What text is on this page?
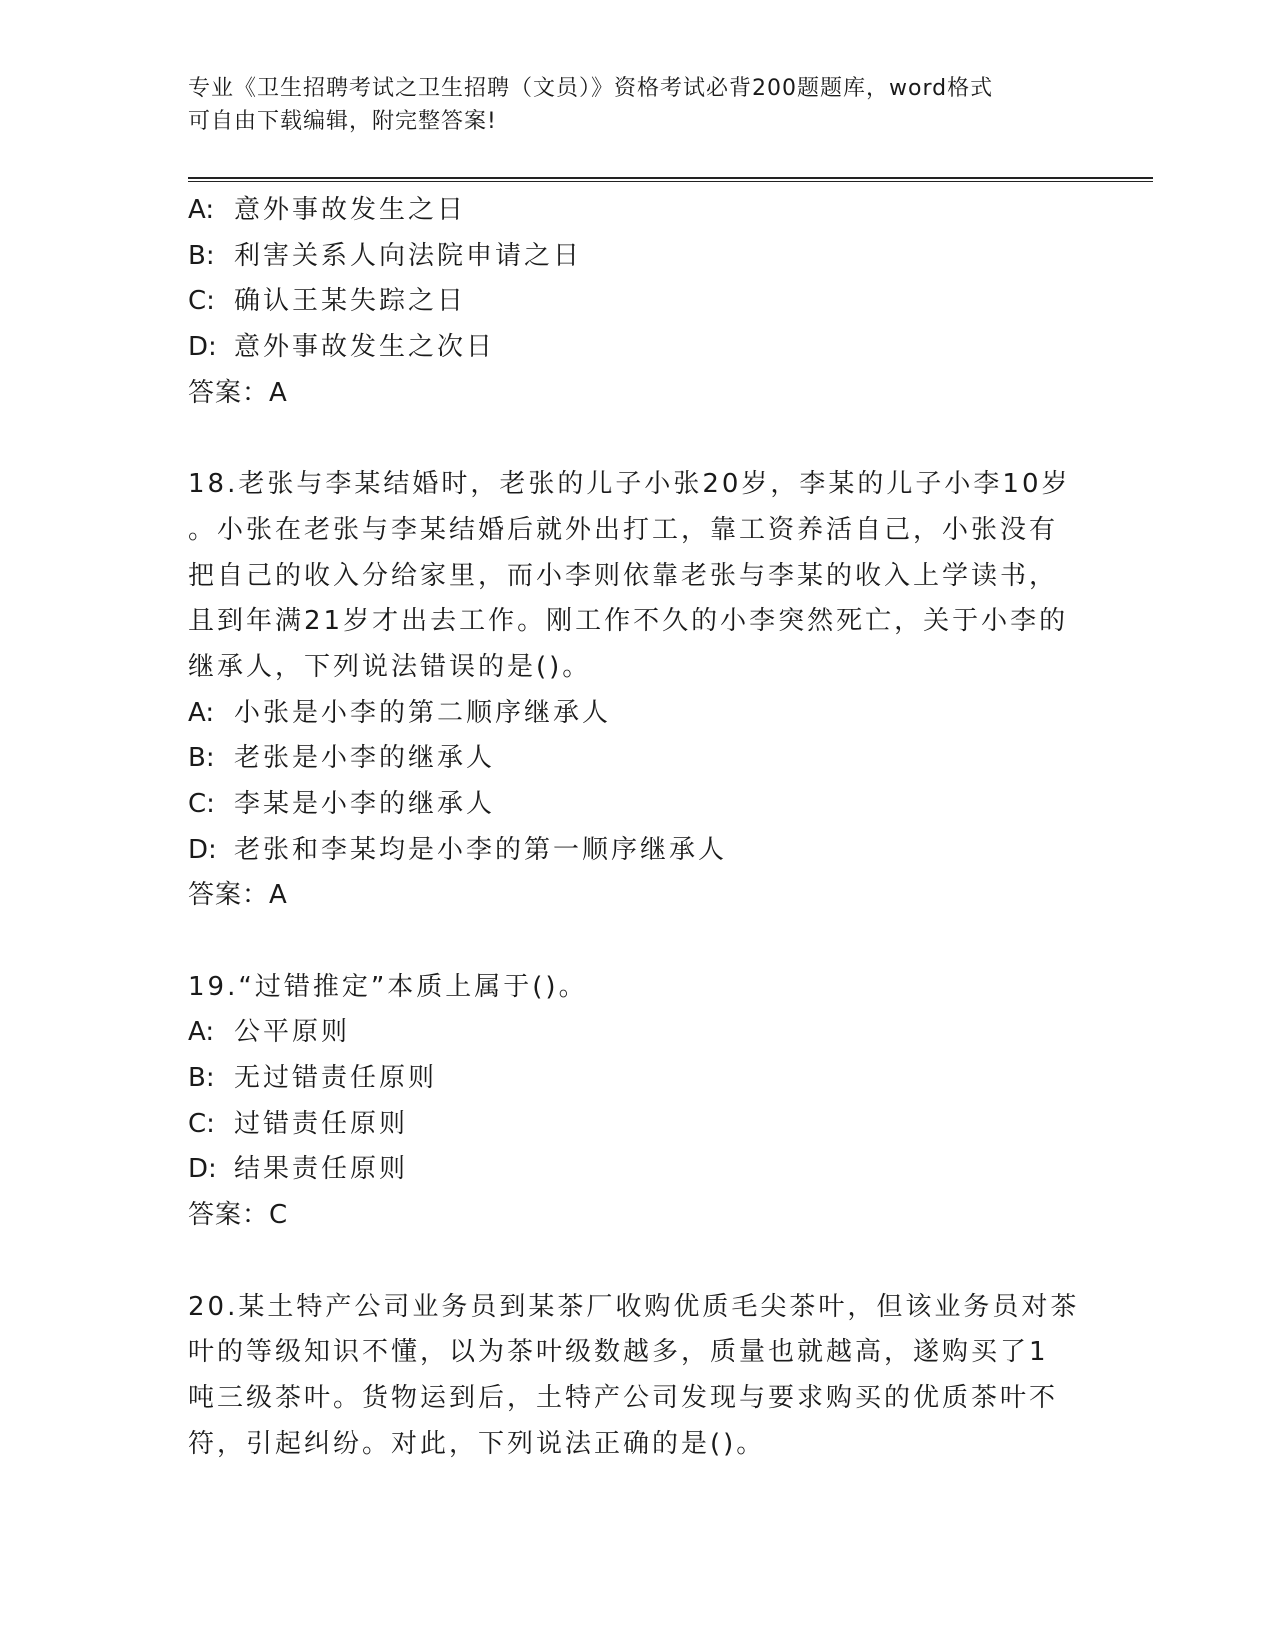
专业《卫生招聘考试之卫生招聘（文员）》资格考试必背200题题库，word格式
可自由下载编辑，附完整答案!
A: 意外事故发生之日
B: 利害关系人向法院申请之日
C: 确认王某失踪之日
D: 意外事故发生之次日
答案：A
18.老张与李某结婚时，老张的儿子小张20岁，李某的儿子小李10岁
。小张在老张与李某结婚后就外出打工，靠工资养活自己，小张没有
把自己的收入分给家里，而小李则依靠老张与李某的收入上学读书，
且到年满21岁才出去工作。刚工作不久的小李突然死亡，关于小李的
继承人，下列说法错误的是()。
A: 小张是小李的第二顺序继承人
B: 老张是小李的继承人
C: 李某是小李的继承人
D: 老张和李某均是小李的第一顺序继承人
答案：A
19.“过错推定”本质上属于()。
A: 公平原则
B: 无过错责任原则
C: 过错责任原则
D: 结果责任原则
答案：C
20.某土特产公司业务员到某茶厂收购优质毛尖茶叶，但该业务员对茶
叶的等级知识不懂，以为茶叶级数越多，质量也就越高，遂购买了1
吨三级茶叶。货物运到后，土特产公司发现与要求购买的优质茶叶不
符，引起纠纷。对此，下列说法正确的是()。
